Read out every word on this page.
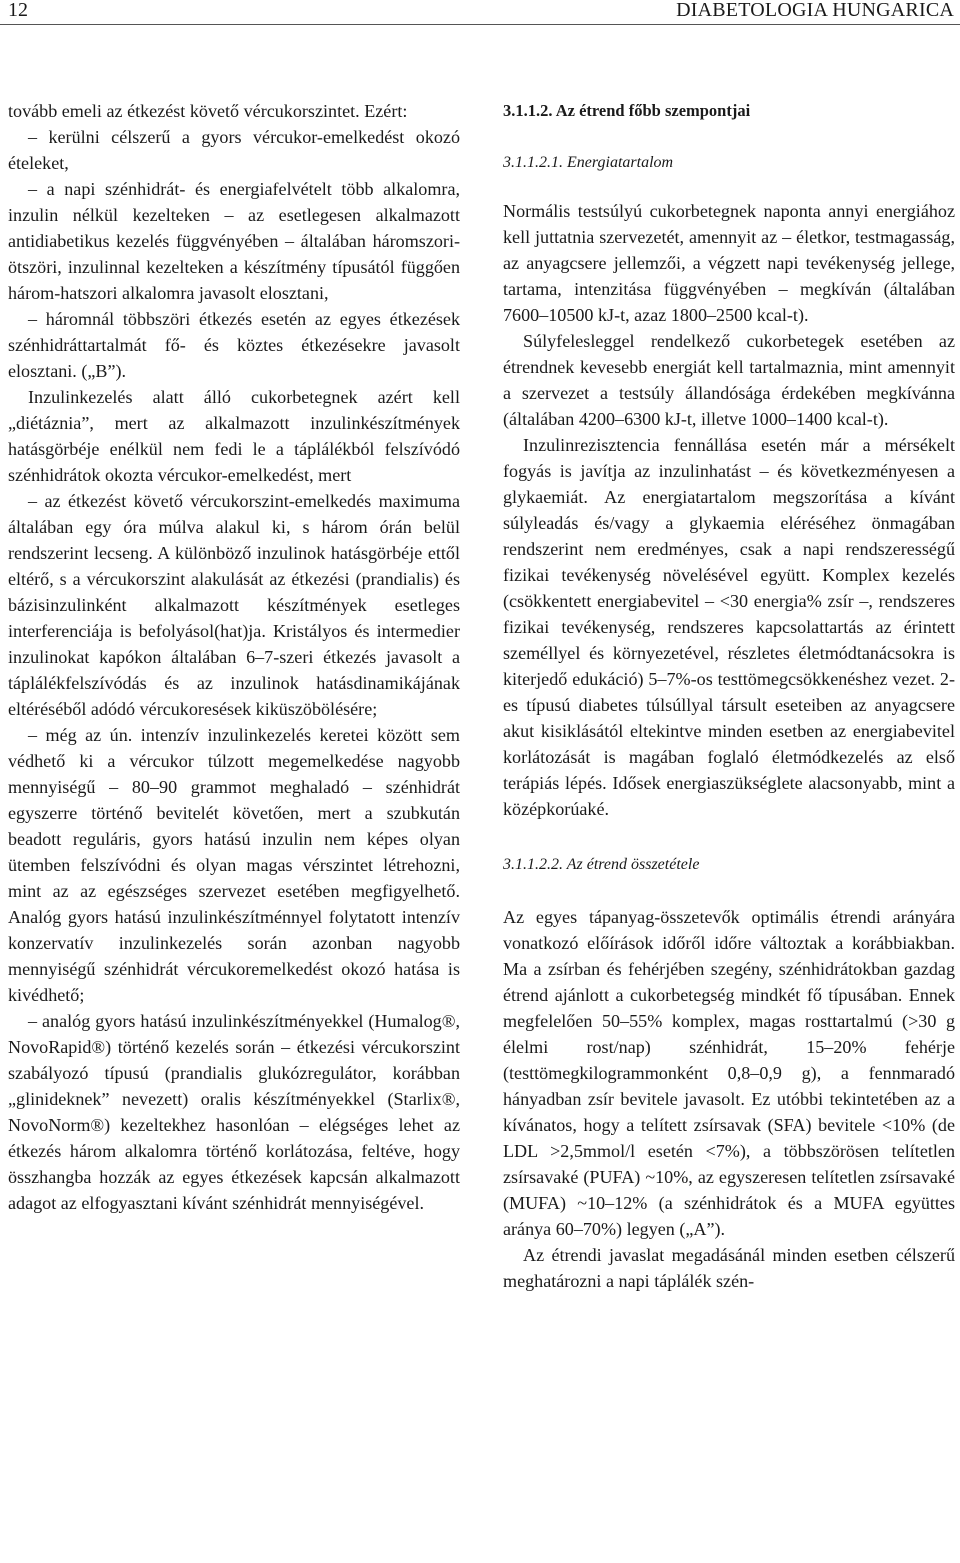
12	DIABETOLOGIA HUNGARICA

tovább emeli az étkezést követő vércukorszintet. Ezért:

– kerülni célszerű a gyors vércukor-emelkedést okozó ételeket,

– a napi szénhidrát- és energiafelvételt több alkalomra, inzulin nélkül kezelteken – az esetlegesen alkalmazott antidiabetikus kezelés függvényében – általában háromszori-ötszöri, inzulinnal kezelteken a készítmény típusától függően három-hatszori alkalomra javasolt elosztani,

– háromnál többszöri étkezés esetén az egyes étkezések szénhidráttartalmát fő- és köztes étkezésekre javasolt elosztani. („B”).

Inzulinkezelés alatt álló cukorbetegnek azért kell „diétáznia”, mert az alkalmazott inzulinkészítmények hatásgörbéje enélkül nem fedi le a táplálékból felszívódó szénhidrátok okozta vércukor-emelkedést, mert

– az étkezést követő vércukorszint-emelkedés maximuma általában egy óra múlva alakul ki, s három órán belül rendszerint lecseng. A különböző inzulinok hatásgörbéje ettől eltérő, s a vércukorszint alakulását az étkezési (prandialis) és bázisinzulinként alkalmazott készítmények esetleges interferenciája is befolyásol(hat)ja. Kristályos és intermedier inzulinokat kapókon általában 6–7-szeri étkezés javasolt a táplálékfelszívódás és az inzulinok hatásdinamikájának eltéréséből adódó vércukoresések kiküszöbölésére;

– még az ún. intenzív inzulinkezelés keretei között sem védhető ki a vércukor túlzott megemelkedése nagyobb mennyiségű – 80–90 grammot meghaladó – szénhidrát egyszerre történő bevitelét követően, mert a szubkután beadott reguláris, gyors hatású inzulin nem képes olyan ütemben felszívódni és olyan magas vérszintet létrehozni, mint az az egészséges szervezet esetében megfigyelhető. Analóg gyors hatású inzulinkészítménnyel folytatott intenzív konzervatív inzulinkezelés során azonban nagyobb mennyiségű szénhidrát vércukoremelkedést okozó hatása is kivédhető;

– analóg gyors hatású inzulinkészítményekkel (Humalog®, NovoRapid®) történő kezelés során – étkezési vércukorszint szabályozó típusú (prandialis glukózregulátor, korábban „glinideknek” nevezett) oralis készítményekkel (Starlix®, NovoNorm®) kezeltekhez hasonlóan – elégséges lehet az étkezés három alkalomra történő korlátozása, feltéve, hogy összhangba hozzák az egyes étkezések kapcsán alkalmazott adagot az elfogyasztani kívánt szénhidrát mennyiségével.

3.1.1.2. Az étrend főbb szempontjai

3.1.1.2.1. Energiatartalom

Normális testsúlyú cukorbetegnek naponta annyi energiához kell juttatnia szervezetét, amennyit az – életkor, testmagasság, az anyagcsere jellemzői, a végzett napi tevékenység jellege, tartama, intenzitása függvényében – megkíván (általában 7600–10500 kJ-t, azaz 1800–2500 kcal-t).

Súlyfelesleggel rendelkező cukorbetegek esetében az étrendnek kevesebb energiát kell tartalmaznia, mint amennyit a szervezet a testsúly állandósága érdekében megkívánna (általában 4200–6300 kJ-t, illetve 1000–1400 kcal-t).

Inzulinrezisztencia fennállása esetén már a mérsékelt fogyás is javítja az inzulinhatást – és következményesen a glykaemiát. Az energiatartalom megszorítása a kívánt súlyleadás és/vagy a glykaemia eléréséhez önmagában rendszerint nem eredményes, csak a napi rendszerességű fizikai tevékenység növelésével együtt. Komplex kezelés (csökkentett energiabevitel – <30 energia% zsír –, rendszeres fizikai tevékenység, rendszeres kapcsolattartás az érintett személlyel és környezetével, részletes életmódtanácsokra is kiterjedő edukáció) 5–7%-os testtömegcsökkenéshez vezet. 2-es típusú diabetes túlsúllyal társult eseteiben az anyagcsere akut kisiklásától eltekintve minden esetben az energiabevitel korlátozását is magában foglaló életmódkezelés az első terápiás lépés. Idősek energiaszükséglete alacsonyabb, mint a középkorúaké.

3.1.1.2.2. Az étrend összetétele

Az egyes tápanyag-összetevők optimális étrendi arányára vonatkozó előírások időről időre változtak a korábbiakban. Ma a zsírban és fehérjében szegény, szénhidrátokban gazdag étrend ajánlott a cukorbetegség mindkét fő típusában. Ennek megfelelően 50–55% komplex, magas rosttartalmú (>30 g élelmi rost/nap) szénhidrát, 15–20% fehérje (testtömegkilogrammonként 0,8–0,9 g), a fennmaradó hányadban zsír bevitele javasolt. Ez utóbbi tekintetében az a kívánatos, hogy a telített zsírsavak (SFA) bevitele <10% (de LDL >2,5mmol/l esetén <7%), a többszörösen telítetlen zsírsavaké (PUFA) ~10%, az egyszeresen telítetlen zsírsavaké (MUFA) ~10–12% (a szénhidrátok és a MUFA együttes aránya 60–70%) legyen („A”).

Az étrendi javaslat megadásánál minden esetben célszerű meghatározni a napi táplálék szén-
